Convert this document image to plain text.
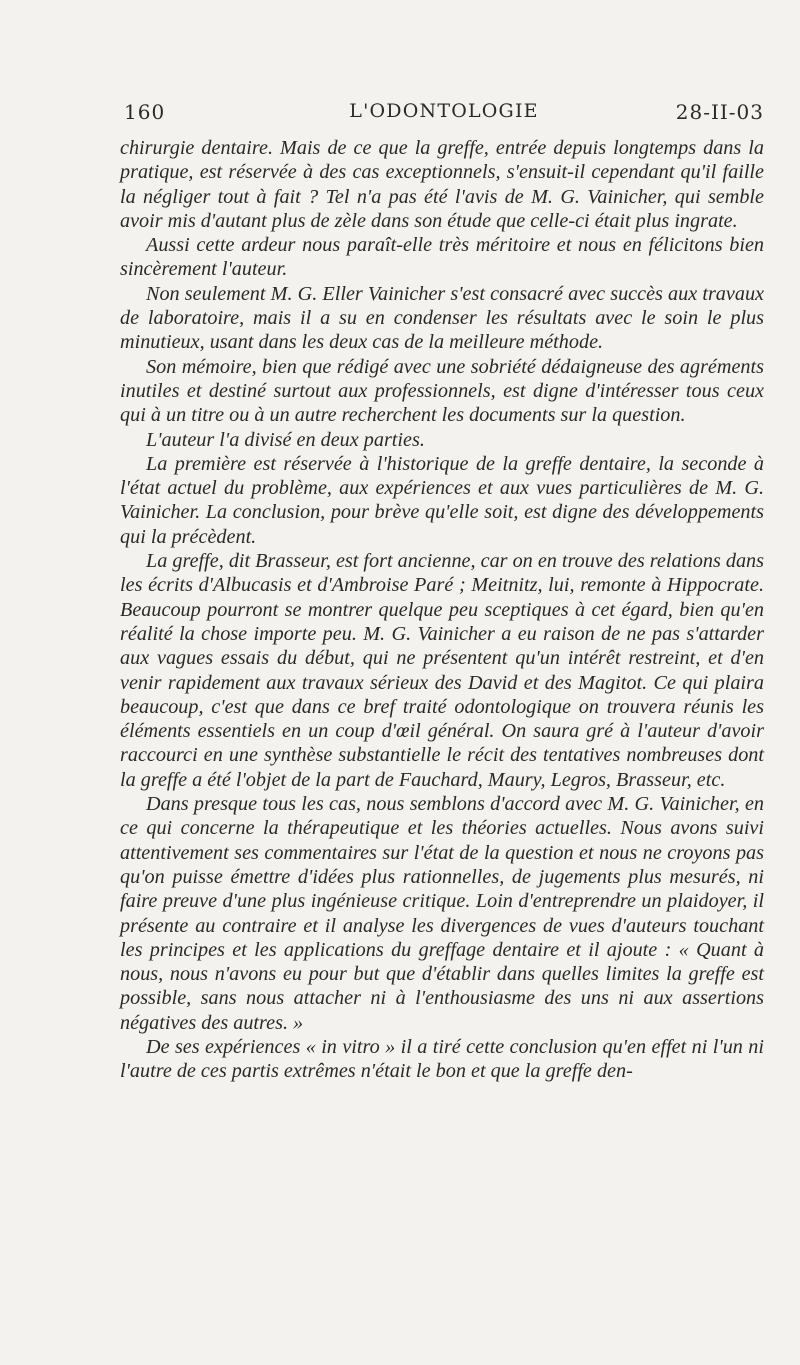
160	L'ODONTOLOGIE	28-II-03

chirurgie dentaire. Mais de ce que la greffe, entrée depuis longtemps dans la pratique, est réservée à des cas exceptionnels, s'ensuit-il cependant qu'il faille la négliger tout à fait ? Tel n'a pas été l'avis de M. G. Vainicher, qui semble avoir mis d'autant plus de zèle dans son étude que celle-ci était plus ingrate.

Aussi cette ardeur nous paraît-elle très méritoire et nous en félicitons bien sincèrement l'auteur.

Non seulement M. G. Eller Vainicher s'est consacré avec succès aux travaux de laboratoire, mais il a su en condenser les résultats avec le soin le plus minutieux, usant dans les deux cas de la meilleure méthode.

Son mémoire, bien que rédigé avec une sobriété dédaigneuse des agréments inutiles et destiné surtout aux professionnels, est digne d'intéresser tous ceux qui à un titre ou à un autre recherchent les documents sur la question.

L'auteur l'a divisé en deux parties.

La première est réservée à l'historique de la greffe dentaire, la seconde à l'état actuel du problème, aux expériences et aux vues particulières de M. G. Vainicher. La conclusion, pour brève qu'elle soit, est digne des développements qui la précèdent.

La greffe, dit Brasseur, est fort ancienne, car on en trouve des relations dans les écrits d'Albucasis et d'Ambroise Paré ; Meitnitz, lui, remonte à Hippocrate. Beaucoup pourront se montrer quelque peu sceptiques à cet égard, bien qu'en réalité la chose importe peu. M. G. Vainicher a eu raison de ne pas s'attarder aux vagues essais du début, qui ne présentent qu'un intérêt restreint, et d'en venir rapidement aux travaux sérieux des David et des Magitot. Ce qui plaira beaucoup, c'est que dans ce bref traité odontologique on trouvera réunis les éléments essentiels en un coup d'œil général. On saura gré à l'auteur d'avoir raccourci en une synthèse substantielle le récit des tentatives nombreuses dont la greffe a été l'objet de la part de Fauchard, Maury, Legros, Brasseur, etc.

Dans presque tous les cas, nous semblons d'accord avec M. G. Vainicher, en ce qui concerne la thérapeutique et les théories actuelles. Nous avons suivi attentivement ses commentaires sur l'état de la question et nous ne croyons pas qu'on puisse émettre d'idées plus rationnelles, de jugements plus mesurés, ni faire preuve d'une plus ingénieuse critique. Loin d'entreprendre un plaidoyer, il présente au contraire et il analyse les divergences de vues d'auteurs touchant les principes et les applications du greffage dentaire et il ajoute : « Quant à nous, nous n'avons eu pour but que d'établir dans quelles limites la greffe est possible, sans nous attacher ni à l'enthousiasme des uns ni aux assertions négatives des autres. »

De ses expériences « in vitro » il a tiré cette conclusion qu'en effet ni l'un ni l'autre de ces partis extrêmes n'était le bon et que la greffe den-
